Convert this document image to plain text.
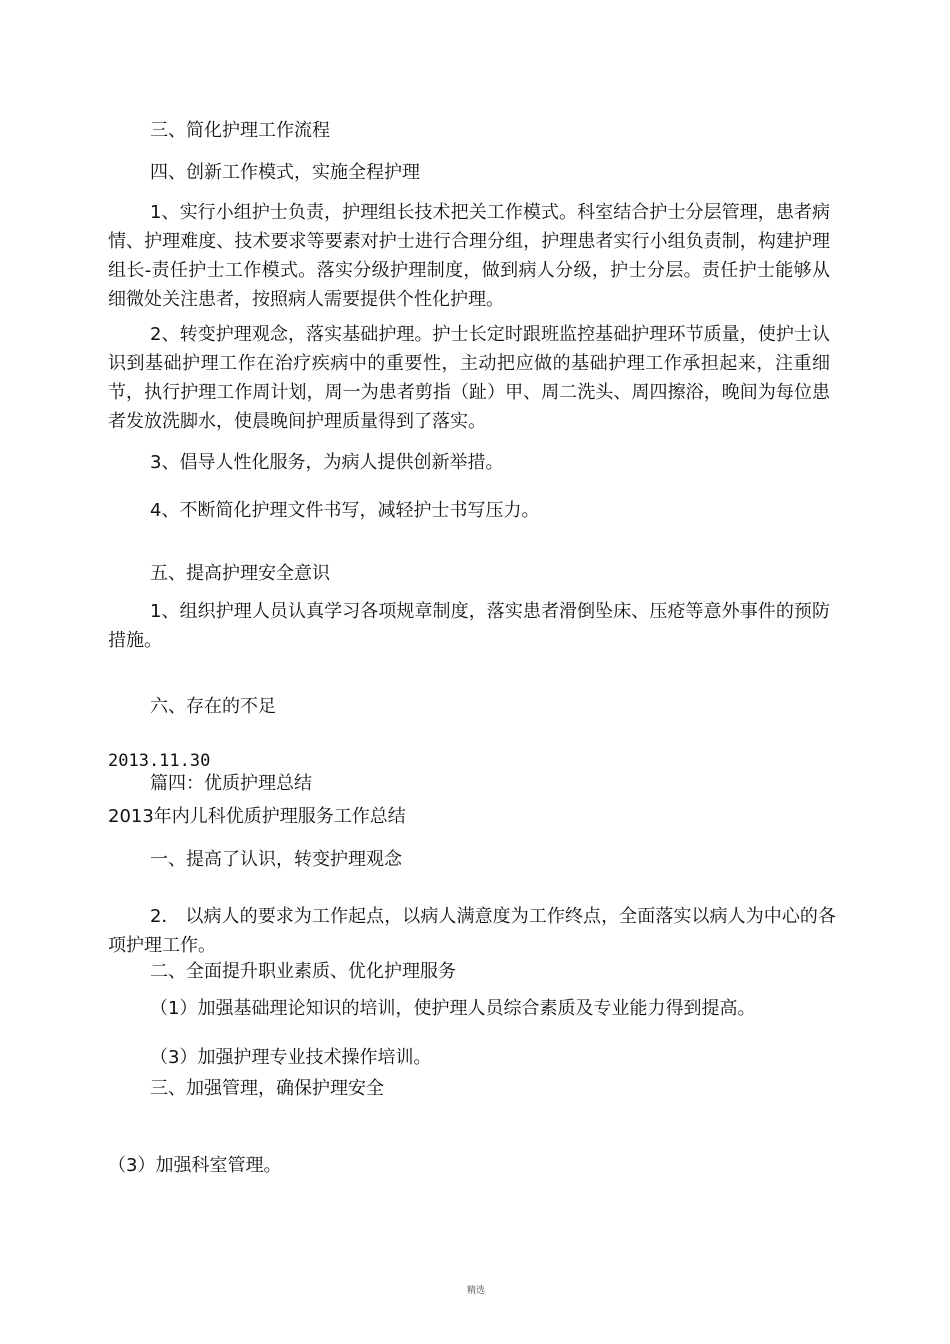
三、简化护理工作流程
四、创新工作模式，实施全程护理
1、实行小组护士负责，护理组长技术把关工作模式。科室结合护士分层管理，患者病情、护理难度、技术要求等要素对护士进行合理分组，护理患者实行小组负责制，构建护理组长-责任护士工作模式。落实分级护理制度，做到病人分级，护士分层。责任护士能够从细微处关注患者，按照病人需要提供个性化护理。
2、转变护理观念，落实基础护理。护士长定时跟班监控基础护理环节质量，使护士认识到基础护理工作在治疗疾病中的重要性，主动把应做的基础护理工作承担起来，注重细节，执行护理工作周计划，周一为患者剪指（趾）甲、周二洗头、周四擦浴，晚间为每位患者发放洗脚水，使晨晚间护理质量得到了落实。
3、倡导人性化服务，为病人提供创新举措。
4、不断简化护理文件书写，减轻护士书写压力。
五、提高护理安全意识
1、组织护理人员认真学习各项规章制度，落实患者滑倒坠床、压疮等意外事件的预防措施。
六、存在的不足
2013.11.30
篇四：优质护理总结
2013年内儿科优质护理服务工作总结
一、提高了认识，转变护理观念
2． 以病人的要求为工作起点，以病人满意度为工作终点，全面落实以病人为中心的各项护理工作。
二、全面提升职业素质、优化护理服务
（1）加强基础理论知识的培训，使护理人员综合素质及专业能力得到提高。
（3）加强护理专业技术操作培训。
三、加强管理，确保护理安全
（3）加强科室管理。
精选
